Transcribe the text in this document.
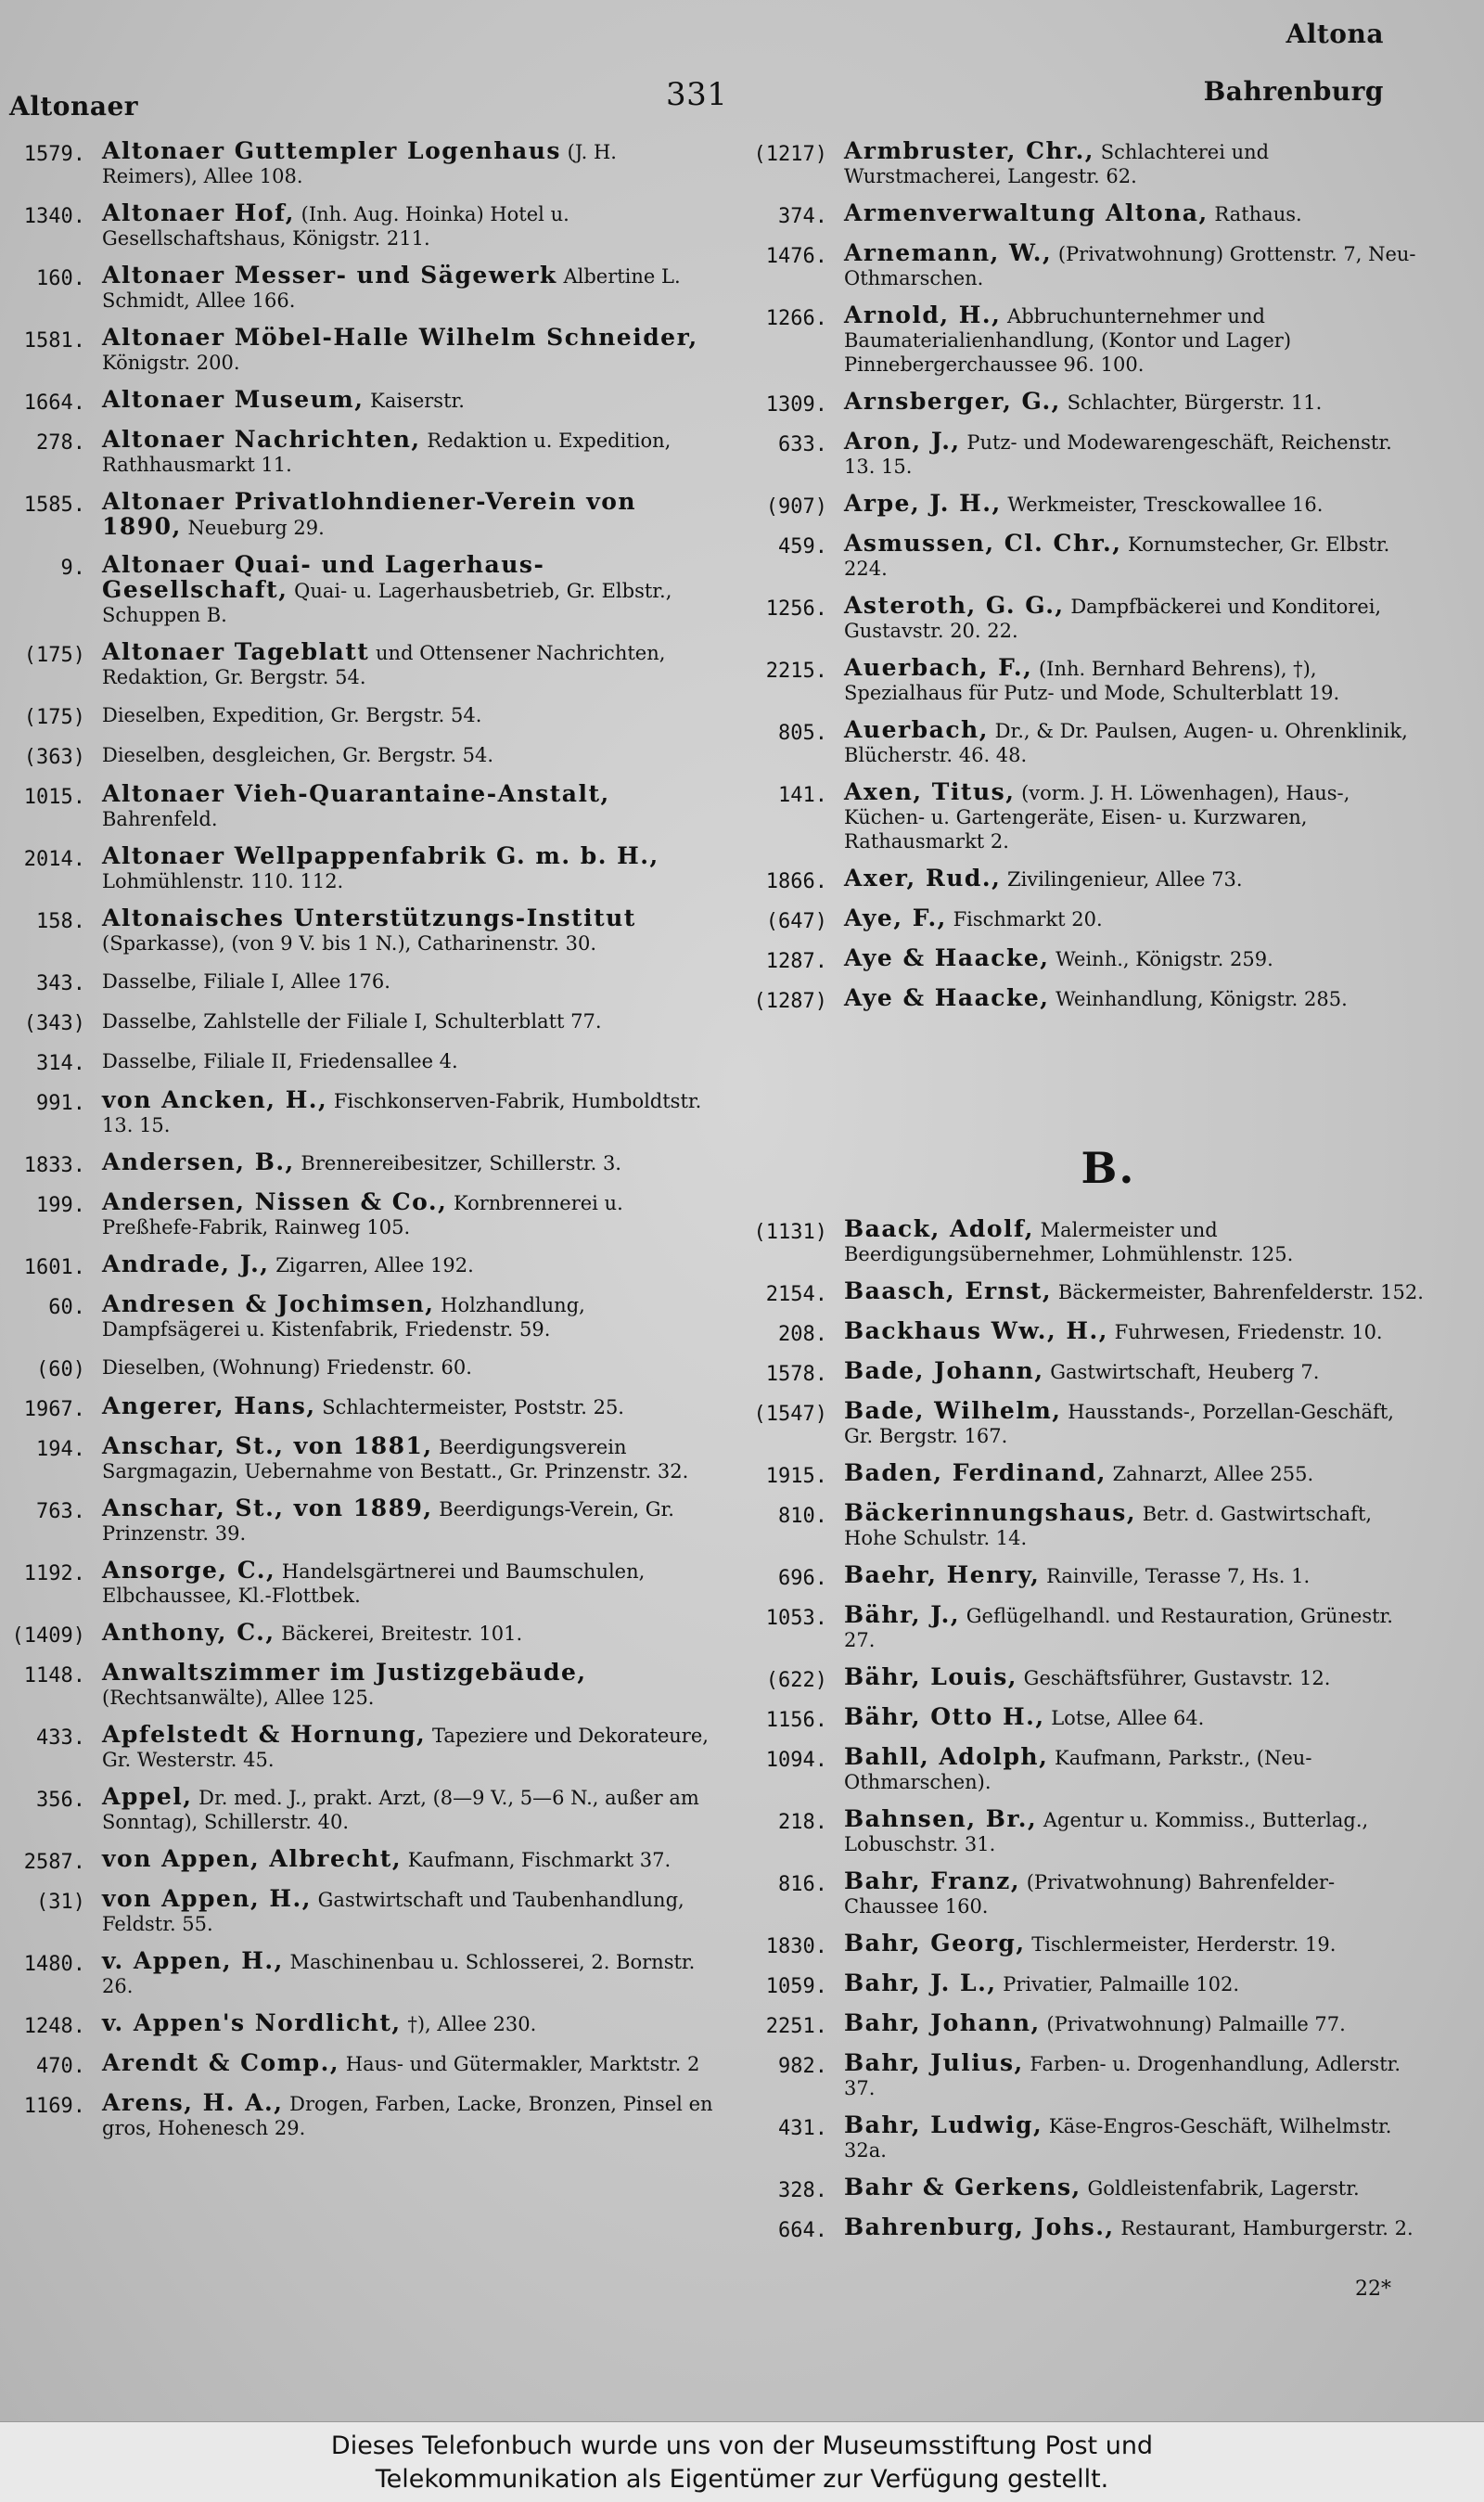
Altonaer	331
Altona
Bahrenburg
1579. Altonaer Guttempler Logenhaus (J. H. Reimers), Allee 108.
1340. Altonaer Hof, (Inh. Aug. Hoinka) Hotel u. Gesellschaftshaus, Königstr. 211.
160. Altonaer Messer- und Sägewerk Albertine L. Schmidt, Allee 166.
1581. Altonaer Möbel-Halle Wilhelm Schneider, Königstr. 200.
1664. Altonaer Museum, Kaiserstr.
278. Altonaer Nachrichten, Redaktion u. Expedition, Rathhausmarkt 11.
1585. Altonaer Privatlohndiener-Verein von 1890, Neueburg 29.
9. Altonaer Quai- und Lagerhaus-Gesellschaft, Quai- u. Lagerhausbetrieb, Gr. Elbstr., Schuppen B.
(175) Altonaer Tageblatt und Ottensener Nachrichten, Redaktion, Gr. Bergstr. 54.
(175) Dieselben, Expedition, Gr. Bergstr. 54.
(363) Dieselben, desgleichen, Gr. Bergstr. 54.
1015. Altonaer Vieh-Quarantaine-Anstalt, Bahrenfeld.
2014. Altonaer Wellpappenfabrik G. m. b. H., Lohmühlenstr. 110. 112.
158. Altonaisches Unterstützungs-Institut (Sparkasse), (von 9 V. bis 1 N.), Catharinenstr. 30.
343. Dasselbe, Filiale I, Allee 176.
(343) Dasselbe, Zahlstelle der Filiale I, Schulterblatt 77.
314. Dasselbe, Filiale II, Friedensallee 4.
991. von Ancken, H., Fischkonserven-Fabrik, Humboldtstr. 13. 15.
1833. Andersen, B., Brennereibesitzer, Schillerstr. 3.
199. Andersen, Nissen & Co., Kornbrennerei u. Preßhefe-Fabrik, Rainweg 105.
1601. Andrade, J., Zigarren, Allee 192.
60. Andresen & Jochimsen, Holzhandlung, Dampfsägerei u. Kistenfabrik, Friedenstr. 59.
(60) Dieselben, (Wohnung) Friedenstr. 60.
1967. Angerer, Hans, Schlachtermeister, Poststr. 25.
194. Anschar, St., von 1881, Beerdigungsverein Sargmagazin, Uebernahme von Bestatt., Gr. Prinzenstr. 32.
763. Anschar, St., von 1889, Beerdigungs-Verein, Gr. Prinzenstr. 39.
1192. Ansorge, C., Handelsgärtnerei und Baumschulen, Elbchaussee, Kl.-Flottbek.
(1409) Anthony, C., Bäckerei, Breitestr. 101.
1148. Anwaltszimmer im Justizgebäude, (Rechtsanwälte), Allee 125.
433. Apfelstedt & Hornung, Tapeziere und Dekorateure, Gr. Westerstr. 45.
356. Appel, Dr. med. J., prakt. Arzt, (8—9 V., 5—6 N., außer am Sonntag), Schillerstr. 40.
2587. von Appen, Albrecht, Kaufmann, Fischmarkt 37.
(31) von Appen, H., Gastwirtschaft und Taubenhandlung, Feldstr. 55.
1480. v. Appen, H., Maschinenbau u. Schlosserei, 2. Bornstr. 26.
1248. v. Appen's Nordlicht, †), Allee 230.
470. Arendt & Comp., Haus- und Gütermakler, Marktstr. 2
1169. Arens, H. A., Drogen, Farben, Lacke, Bronzen, Pinsel en gros, Hohenesch 29.
(1217) Armbruster, Chr., Schlachterei und Wurstmacherei, Langestr. 62.
374. Armenverwaltung Altona, Rathaus.
1476. Arnemann, W., (Privatwohnung) Grottenstr. 7, Neu-Othmarschen.
1266. Arnold, H., Abbruchunternehmer und Baumaterialienhandlung, (Kontor und Lager) Pinnebergerchaussee 96. 100.
1309. Arnsberger, G., Schlachter, Bürgerstr. 11.
633. Aron, J., Putz- und Modewarengeschäft, Reichenstr. 13. 15.
(907) Arpe, J. H., Werkmeister, Tresckowallee 16.
459. Asmussen, Cl. Chr., Kornumstecher, Gr. Elbstr. 224.
1256. Asteroth, G. G., Dampfbäckerei und Konditorei, Gustavstr. 20. 22.
2215. Auerbach, F., (Inh. Bernhard Behrens), †), Spezialhaus für Putz- und Mode, Schulterblatt 19.
805. Auerbach, Dr., & Dr. Paulsen, Augen- u. Ohrenklinik, Blücherstr. 46. 48.
141. Axen, Titus, (vorm. J. H. Löwenhagen), Haus-, Küchen- u. Gartengeräte, Eisen- u. Kurzwaren, Rathausmarkt 2.
1866. Axer, Rud., Zivilingenieur, Allee 73.
(647) Aye, F., Fischmarkt 20.
1287. Aye & Haacke, Weinh., Königstr. 259.
(1287) Aye & Haacke, Weinhandlung, Königstr. 285.
B.
(1131) Baack, Adolf, Malermeister und Beerdigungsübernehmer, Lohmühlenstr. 125.
2154. Baasch, Ernst, Bäckermeister, Bahrenfelderstr. 152.
208. Backhaus Ww., H., Fuhrwesen, Friedenstr. 10.
1578. Bade, Johann, Gastwirtschaft, Heuberg 7.
(1547) Bade, Wilhelm, Hausstands-, Porzellan-Geschäft, Gr. Bergstr. 167.
1915. Baden, Ferdinand, Zahnarzt, Allee 255.
810. Bäckerinnungshaus, Betr. d. Gastwirtschaft, Hohe Schulstr. 14.
696. Baehr, Henry, Rainville, Terasse 7, Hs. 1.
1053. Bähr, J., Geflügelhandl. und Restauration, Grünestr. 27.
(622) Bähr, Louis, Geschäftsführer, Gustavstr. 12.
1156. Bähr, Otto H., Lotse, Allee 64.
1094. Bahll, Adolph, Kaufmann, Parkstr., (Neu-Othmarschen).
218. Bahnsen, Br., Agentur u. Kommiss., Butterlag., Lobuschstr. 31.
816. Bahr, Franz, (Privatwohnung) Bahrenfelder-Chaussee 160.
1830. Bahr, Georg, Tischlermeister, Herderstr. 19.
1059. Bahr, J. L., Privatier, Palmaille 102.
2251. Bahr, Johann, (Privatwohnung) Palmaille 77.
982. Bahr, Julius, Farben- u. Drogenhandlung, Adlerstr. 37.
431. Bahr, Ludwig, Käse-Engros-Geschäft, Wilhelmstr. 32a.
328. Bahr & Gerkens, Goldleistenfabrik, Lagerstr.
664. Bahrenburg, Johs., Restaurant, Hamburgerstr. 2.
22*
Dieses Telefonbuch wurde uns von der Museumsstiftung Post und
Telekommunikation als Eigentümer zur Verfügung gestellt.
